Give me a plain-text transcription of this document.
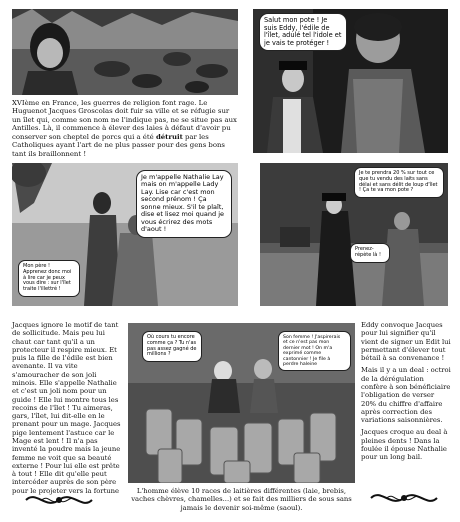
XVIème en France, les guerres de religion font rage. Le Huguenot Jacques Groscolas doit fuir sa ville et se réfugie sur un îlet qui, comme son nom ne l'indique pas, ne se situe pas aux Antilles. Là, il commence à élever des laies à défaut d'avoir pu conserver son cheptel de porcs qui a été détruit par les Catholiques ayant l'art de ne plus passer pour des gens bons tant ils braillonnent !
Salut mon pote ! Je suis Eddy, l'édile de l'îlet, adulé tel l'idole et je vais te protéger !
Je m'appelle Nathalie Lay mais on m'appelle Lady Lay. Lise car c'est mon second prénom ! Ça sonne mieux. S'il te plaît, dise et lisez moi quand je vous écrirez des mots d'aout !
Mon père ! Apprenez donc moi à lire car je peux vous dire : sur l'îlet traite l'illettré !
Je te prendra 20 % sur tout ce que tu vendu des laits sans délai et sans délit de loup d'îlet ! Ça te va mon pote ?
Prenez-répète là !

Jacques ignore le motif de tant de sollicitude. Mais peu lui chaut car tant qu'il a un protecteur il respire mieux. Et puis la fille de l'édile est bien avenante. Il va vite s'amouracher de son joli minois. Elle s'appelle Nathalie et c'est un joli nom pour un guide ! Elle lui montre tous les recoins de l'îlet ! Tu aimeras, gars, l'îlet, lui dit-elle en le prenant pour un mage. Jacques pige lentement l'astuce car le Mage est lent ! Il n'a pas inventé la poudre mais la jeune femme ne voit que sa beauté externe ! Pour lui elle est prête à tout ! Elle dit qu'elle peut intercéder auprès de son père pour le projeter vers la fortune

Où cours tu encore comme ça ? Tu n'as pas assez gagné de millions ?
Son femme ! J'aspirerais et ce n'est pas mon dernier mot ! On m'a exprimé comme cantonnier ! Je file à perdre haleine
L'homme élève 10 races de laitières différentes (laie, brebis, vaches chèvres, chamelles...) et se fait des milliers de sous sans jamais le devenir soi-même (saoul).

Eddy convoque Jacques pour lui signifier qu'il vient de signer un Edit lui permettant d'élever tout bétail à sa convenance !

Mais il y a un deal : octroi de la dérégulation confère à son bénéficiaire l'obligation de verser 20% du chiffre d'affaire après correction des variations saisonnières.

Jacques croque au deal à pleines dents ! Dans la foulée il épouse Nathalie pour un long bail.
